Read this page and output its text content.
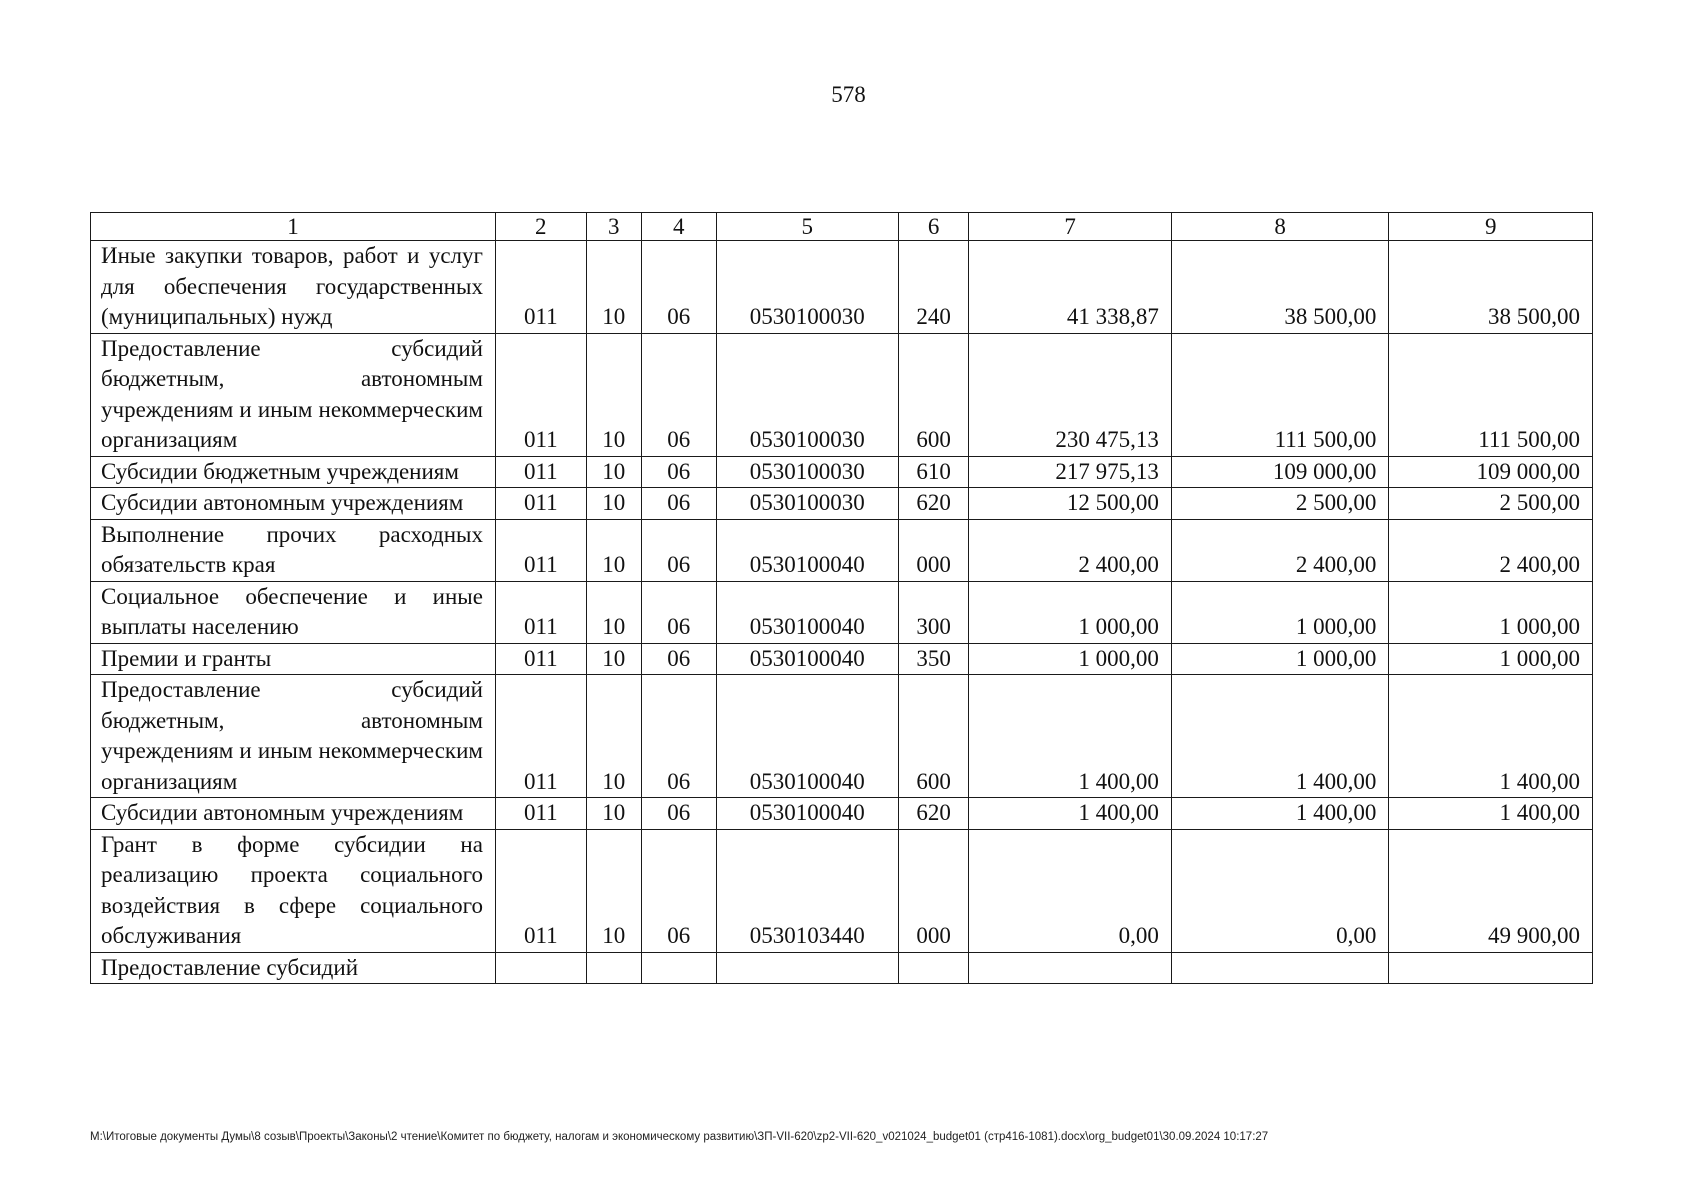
578
1	2	3	4	5	6	7	8	9
Иные закупки товаров, работ и услуг для обеспечения государственных (муниципальных) нужд	011	10	06	0530100030	240	41 338,87	38 500,00	38 500,00
Предоставление субсидий бюджетным, автономным учреждениям и иным некоммерческим организациям	011	10	06	0530100030	600	230 475,13	111 500,00	111 500,00
Субсидии бюджетным учреждениям	011	10	06	0530100030	610	217 975,13	109 000,00	109 000,00
Субсидии автономным учреждениям	011	10	06	0530100030	620	12 500,00	2 500,00	2 500,00
Выполнение прочих расходных обязательств края	011	10	06	0530100040	000	2 400,00	2 400,00	2 400,00
Социальное обеспечение и иные выплаты населению	011	10	06	0530100040	300	1 000,00	1 000,00	1 000,00
Премии и гранты	011	10	06	0530100040	350	1 000,00	1 000,00	1 000,00
Предоставление субсидий бюджетным, автономным учреждениям и иным некоммерческим организациям	011	10	06	0530100040	600	1 400,00	1 400,00	1 400,00
Субсидии автономным учреждениям	011	10	06	0530100040	620	1 400,00	1 400,00	1 400,00
Грант в форме субсидии на реализацию проекта социального воздействия в сфере социального обслуживания	011	10	06	0530103440	000	0,00	0,00	49 900,00
Предоставление субсидий								
М:\Итоговые документы Думы\8 созыв\Проекты\Законы\2 чтение\Комитет по бюджету, налогам и экономическому развитию\ЗП-VII-620\zp2-VII-620_v021024_budget01 (стр416-1081).docx\org_budget01\30.09.2024 10:17:27
